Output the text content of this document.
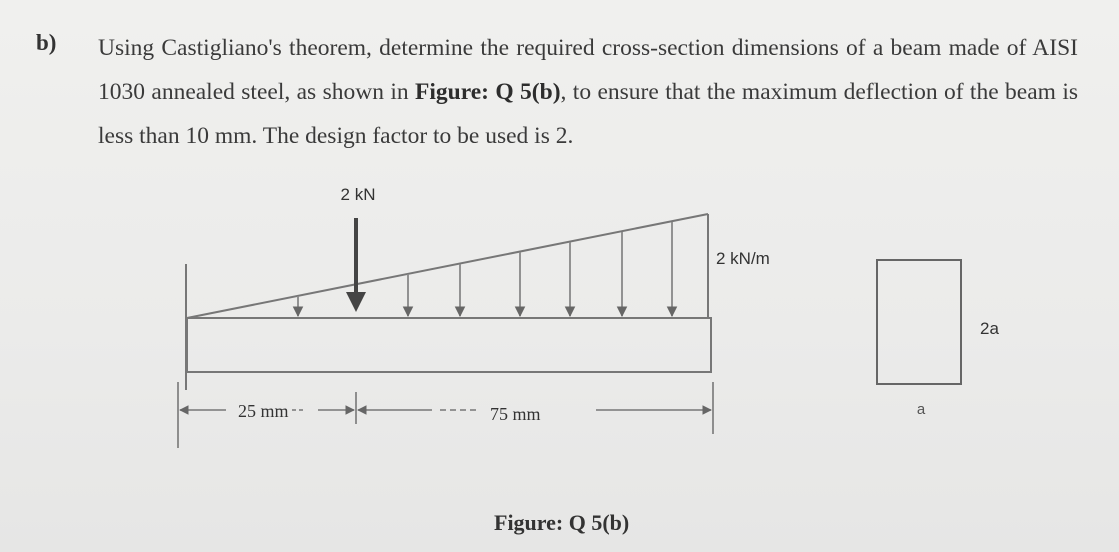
b) Using Castigliano's theorem, determine the required cross-section dimensions of a beam made of AISI 1030 annealed steel, as shown in Figure: Q 5(b), to ensure that the maximum deflection of the beam is less than 10 mm. The design factor to be used is 2.
2 kN
2 kN/m
25 mm	75 mm
2a
a
Figure: Q 5(b)
